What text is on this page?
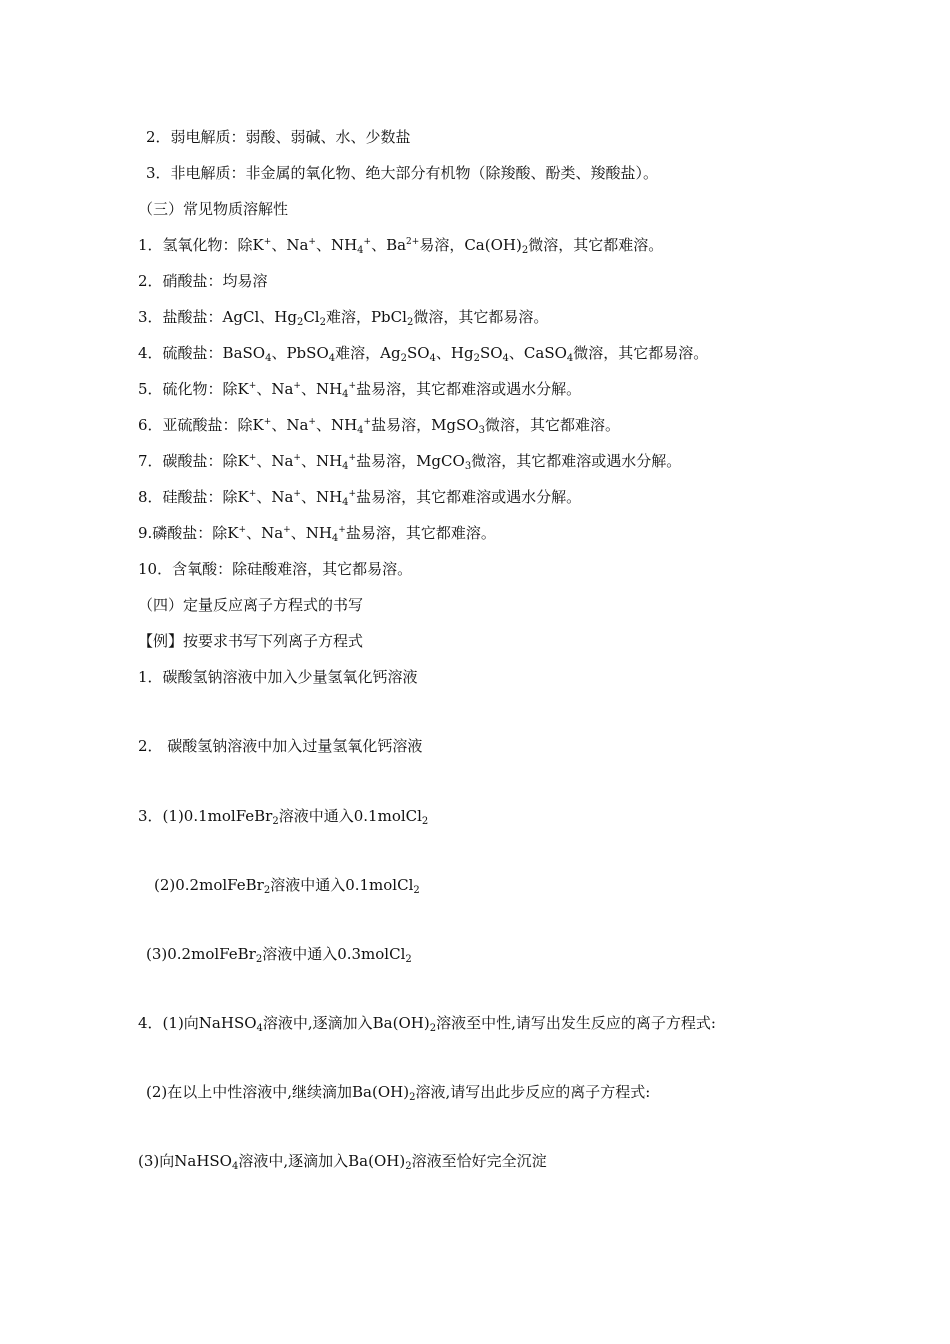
2．弱电解质：弱酸、弱碱、水、少数盐
3．非电解质：非金属的氧化物、绝大部分有机物（除羧酸、酚类、羧酸盐）。
（三）常见物质溶解性
1．氢氧化物：除K+、Na+、$NH_4^+$、$Ba^{2+}$易溶，$Ca(OH)_2$微溶，其它都难溶。
2．硝酸盐：均易溶
3．盐酸盐：AgCl、$Hg_2Cl_2$难溶，PbCl$_2$微溶，其它都易溶。
4．硫酸盐：BaSO$_4$、PbSO$_4$难溶，$Ag_2SO_4$、$Hg_2SO_4$、CaSO$_4$微溶，其它都易溶。
5．硫化物：除K+、Na+、$NH_4^+$盐易溶，其它都难溶或遇水分解。
6．亚硫酸盐：除K+、Na+、$NH_4^+$盐易溶，MgSO$_3$微溶，其它都难溶。
7．碳酸盐：除K+、Na+、$NH_4^+$盐易溶，MgCO$_3$微溶，其它都难溶或遇水分解。
8．硅酸盐：除K+、Na+、$NH_4^+$盐易溶，其它都难溶或遇水分解。
9.磷酸盐：除K+、Na+、$NH_4^+$盐易溶，其它都难溶。
10．含氧酸：除硅酸难溶，其它都易溶。
（四）定量反应离子方程式的书写
【例】按要求书写下列离子方程式
1．碳酸氢钠溶液中加入少量氢氧化钙溶液
2． 碳酸氢钠溶液中加入过量氢氧化钙溶液
3．(1)0.1molFeBr$_2$溶液中通入0.1molCl$_2$
(2)0.2molFeBr$_2$溶液中通入0.1molCl$_2$
(3)0.2molFeBr$_2$溶液中通入0.3molCl$_2$
4．(1)向NaHSO$_4$溶液中,逐滴加入$Ba(OH)_2$溶液至中性,请写出发生反应的离子方程式:
(2)在以上中性溶液中,继续滴加$Ba(OH)_2$溶液,请写出此步反应的离子方程式:
(3)向NaHSO$_4$溶液中,逐滴加入$Ba(OH)_2$溶液至恰好完全沉淀
